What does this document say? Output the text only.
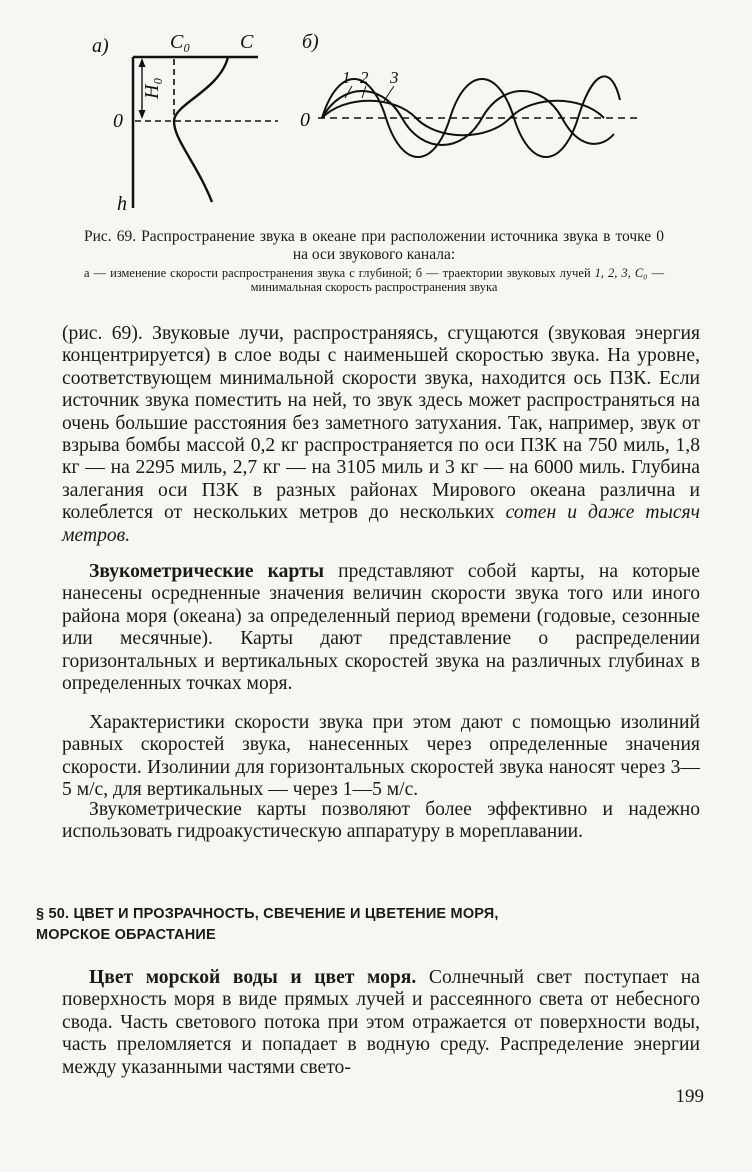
а)	C₀ C
H₀
0
h
б)
0
1 2 3

Рис. 69. Распространение звука в океане при расположении источника звука в точке 0 на оси звукового канала:

а — изменение скорости распространения звука с глубиной; б — траектории звуковых лучей 1, 2, 3, C₀ — минимальная скорость распространения звука

(рис. 69). Звуковые лучи, распространяясь, сгущаются (звуковая энергия концентрируется) в слое воды с наименьшей скоростью звука. На уровне, соответствующем минимальной скорости звука, находится ось ПЗК. Если источник звука поместить на ней, то звук здесь может распространяться на очень большие расстояния без заметного затухания. Так, например, звук от взрыва бомбы массой 0,2 кг распространяется по оси ПЗК на 750 миль, 1,8 кг — на 2295 миль, 2,7 кг — на 3105 миль и 3 кг — на 6000 миль. Глубина залегания оси ПЗК в разных районах Мирового океана различна и колеблется от нескольких метров до нескольких сотен и даже тысяч метров.

Звукометрические карты представляют собой карты, на которые нанесены осредненные значения величин скорости звука того или иного района моря (океана) за определенный период времени (годовые, сезонные или месячные). Карты дают представление о распределении горизонтальных и вертикальных скоростей звука на различных глубинах в определенных точках моря.

Характеристики скорости звука при этом дают с помощью изолиний равных скоростей звука, нанесенных через определенные значения скорости. Изолинии для горизонтальных скоростей звука наносят через 3—5 м/с, для вертикальных — через 1—5 м/с.

Звукометрические карты позволяют более эффективно и надежно использовать гидроакустическую аппаратуру в мореплавании.

§ 50. ЦВЕТ И ПРОЗРАЧНОСТЬ, СВЕЧЕНИЕ И ЦВЕТЕНИЕ МОРЯ,
МОРСКОЕ ОБРАСТАНИЕ

Цвет морской воды и цвет моря. Солнечный свет поступает на поверхность моря в виде прямых лучей и рассеянного света от небесного свода. Часть светового потока при этом отражается от поверхности воды, часть преломляется и попадает в водную среду. Распределение энергии между указанными частями свето-

199
